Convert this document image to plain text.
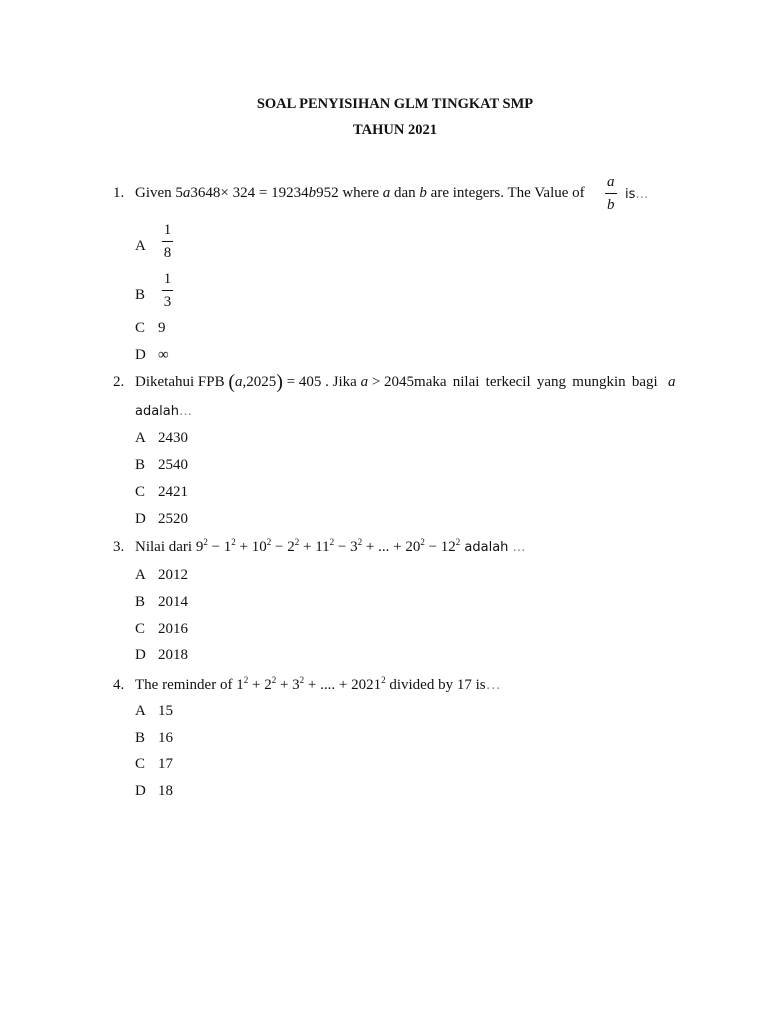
SOAL PENYISIHAN GLM TINGKAT SMP
TAHUN 2021
1. Given 5a3648× 324 = 19234b952 where a dan b are integers. The Value of	$\frac{a}{b}$ is…
A $\frac{1}{8}$
B $\frac{1}{3}$
C 9
D ∞
2. Diketahui FPB (a,2025) = 405 . Jika a > 2045maka nilai terkecil yang mungkin bagi a
adalah…
A 2430
B 2540
C 2421
D 2520
3. Nilai dari $9^2 - 1^2 + 10^2 - 2^2 + 11^2 - 3^2$ + ... + $20^2 - 12^2$ adalah …
A 2012
B 2014
C 2016
D 2018
4. The reminder of $1^2 + 2^2 + 3^2$ + .... + $2021^2$ divided by 17 is…
A 15
B 16
C 17
D 18
